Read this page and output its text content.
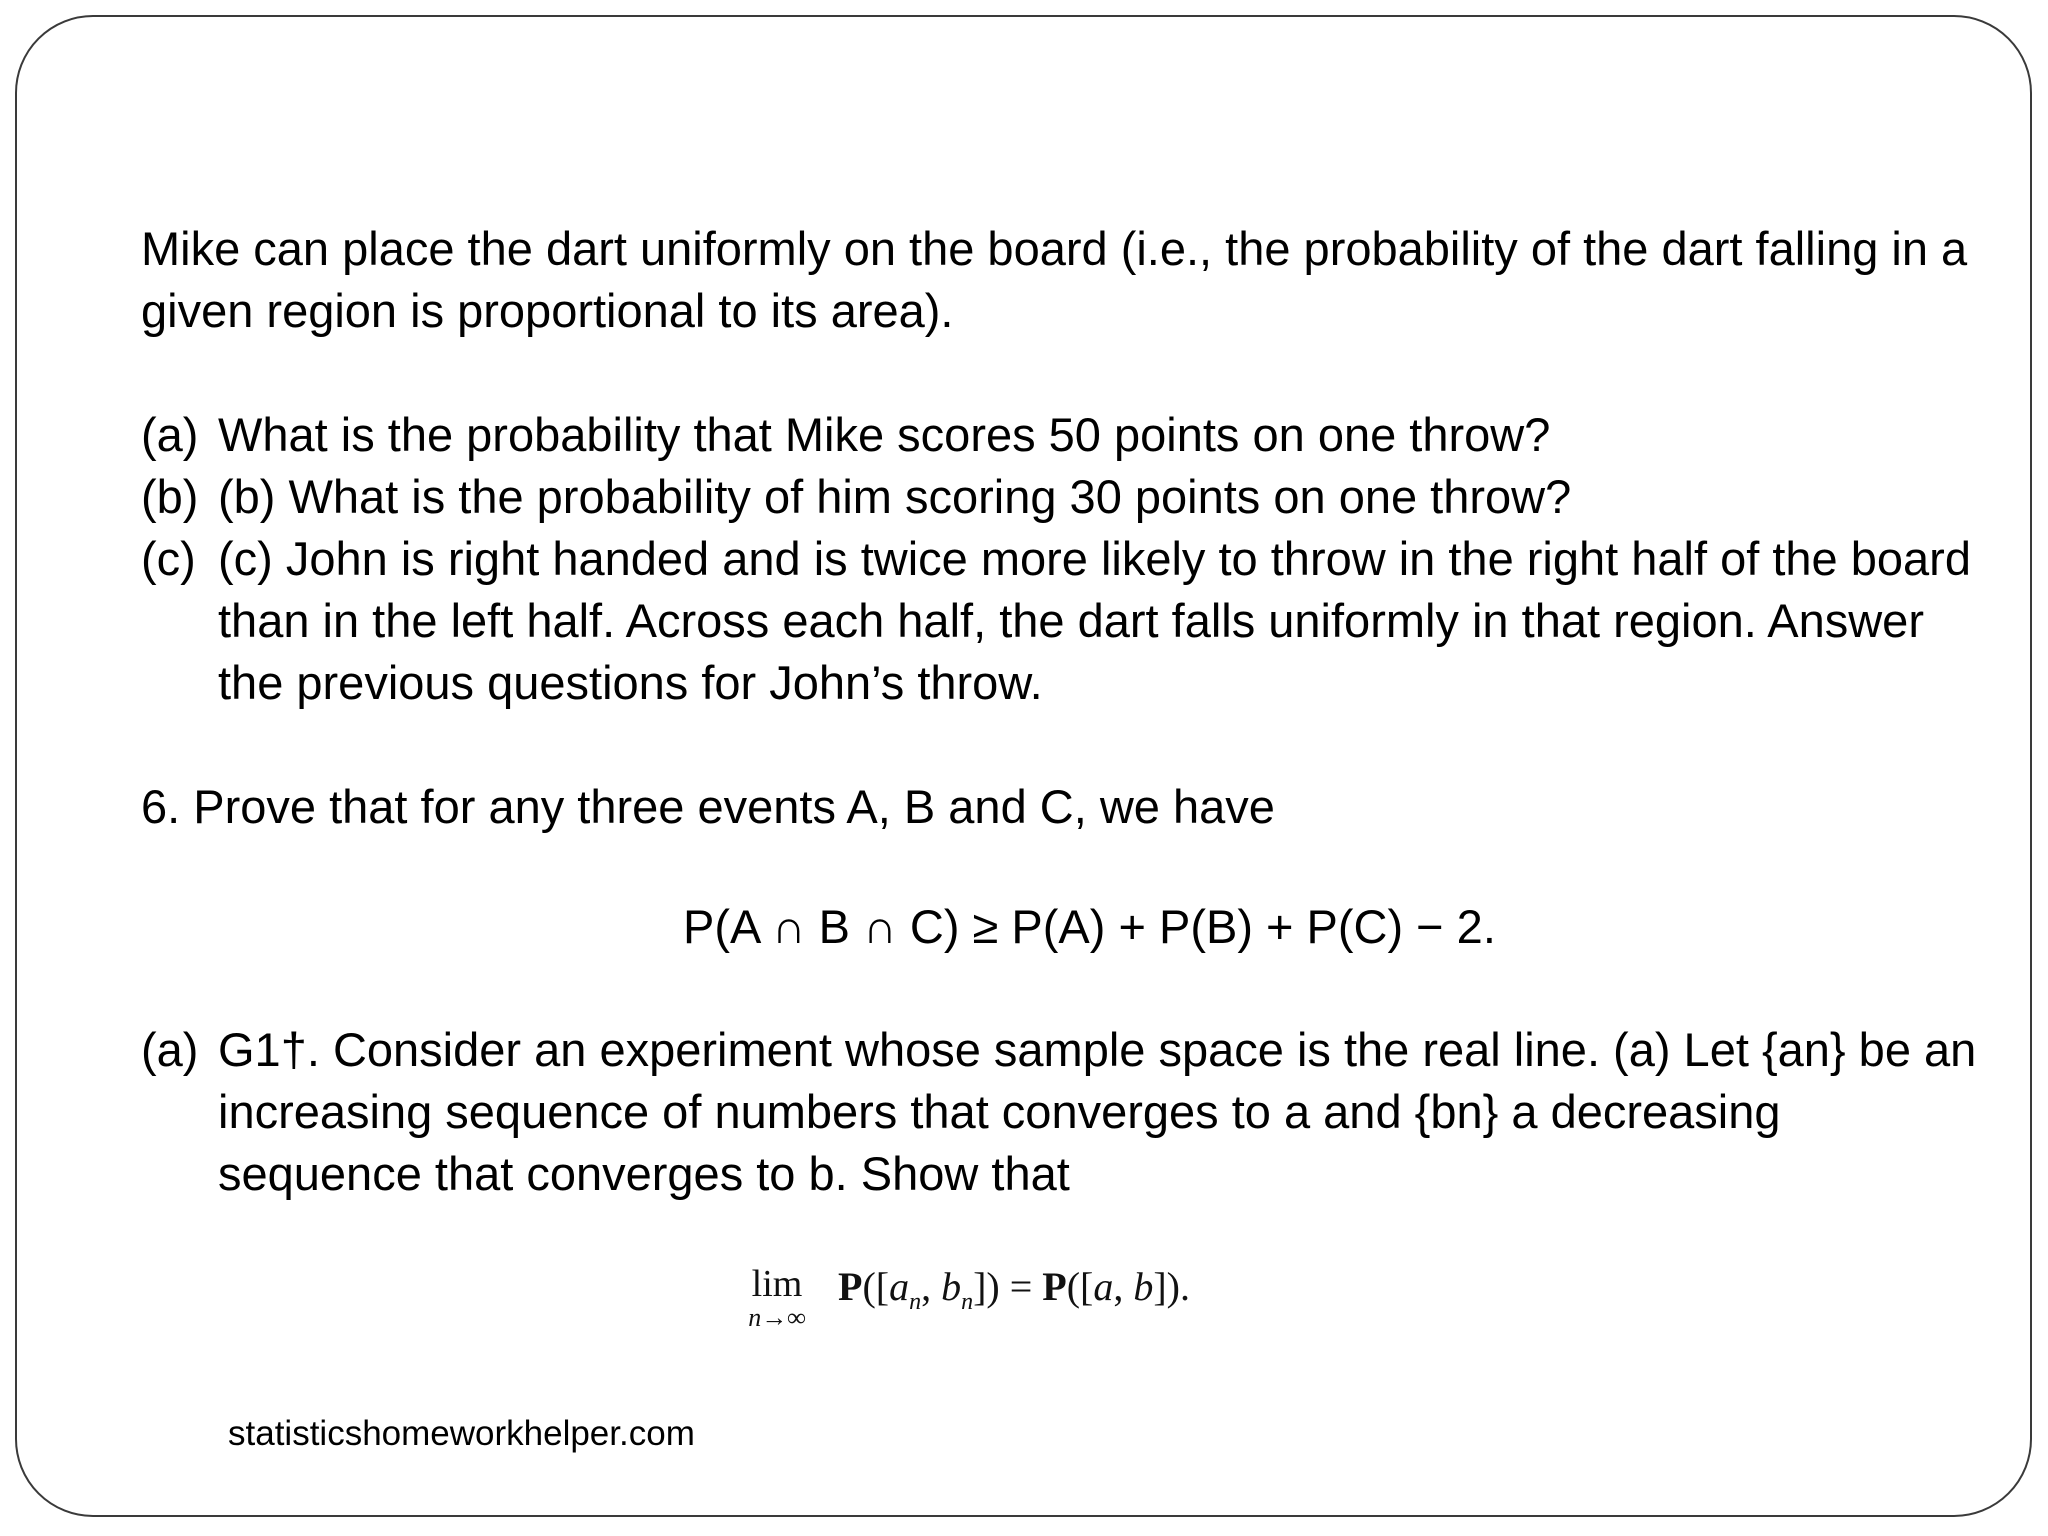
Mike can place the dart uniformly on the board (i.e., the probability of the dart falling in a given region is proportional to its area).

(a) What is the probability that Mike scores 50 points on one throw?
(b) (b) What is the probability of him scoring 30 points on one throw?
(c) (c) John is right handed and is twice more likely to throw in the right half of the board than in the left half. Across each half, the dart falls uniformly in that region. Answer the previous questions for John’s throw.

6. Prove that for any three events A, B and C, we have

P(A ∩ B ∩ C) ≥ P(A) + P(B) + P(C) − 2.
(a) G1†. Consider an experiment whose sample space is the real line. (a) Let {an} be an increasing sequence of numbers that converges to a and {bn} a decreasing sequence that converges to b. Show that
lim
n→∞
$P([a_n$, $b_n]) = P([a$, b]).
statisticshomeworkhelper.com
